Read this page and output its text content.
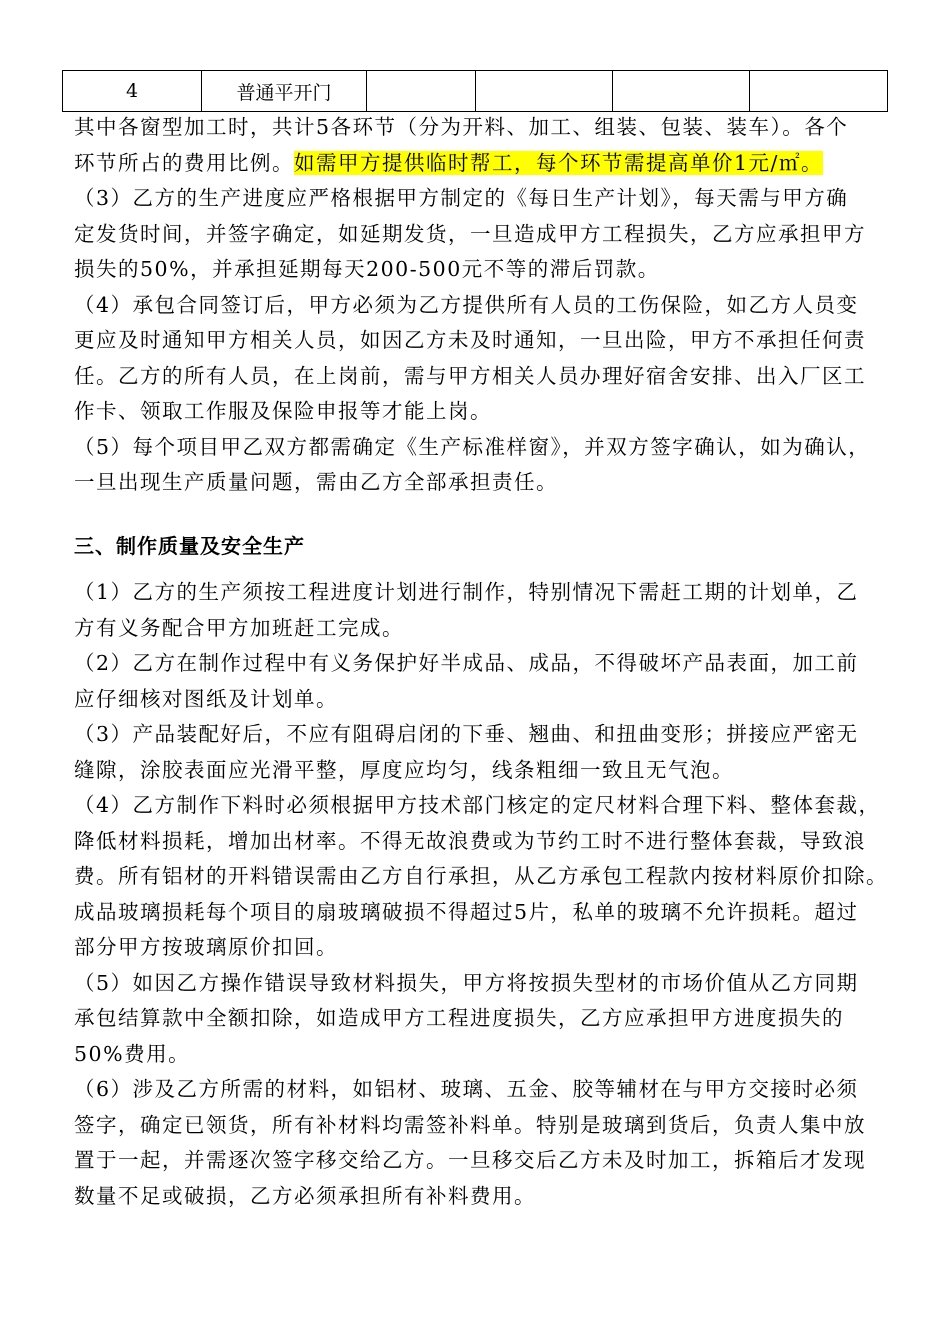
4	普通平开门				
其中各窗型加工时，共计5各环节（分为开料、加工、组装、包装、装车）。各个
环节所占的费用比例。如需甲方提供临时帮工，每个环节需提高单价1元/㎡。
（3）乙方的生产进度应严格根据甲方制定的《每日生产计划》，每天需与甲方确
定发货时间，并签字确定，如延期发货，一旦造成甲方工程损失，乙方应承担甲方
损失的50%，并承担延期每天200-500元不等的滞后罚款。
（4）承包合同签订后，甲方必须为乙方提供所有人员的工伤保险，如乙方人员变
更应及时通知甲方相关人员，如因乙方未及时通知，一旦出险，甲方不承担任何责
任。乙方的所有人员，在上岗前，需与甲方相关人员办理好宿舍安排、出入厂区工
作卡、领取工作服及保险申报等才能上岗。
（5）每个项目甲乙双方都需确定《生产标准样窗》，并双方签字确认，如为确认，
一旦出现生产质量问题，需由乙方全部承担责任。
三、制作质量及安全生产
（1）乙方的生产须按工程进度计划进行制作，特别情况下需赶工期的计划单，乙
方有义务配合甲方加班赶工完成。
（2）乙方在制作过程中有义务保护好半成品、成品，不得破坏产品表面，加工前
应仔细核对图纸及计划单。
（3）产品装配好后，不应有阻碍启闭的下垂、翘曲、和扭曲变形；拼接应严密无
缝隙，涂胶表面应光滑平整，厚度应均匀，线条粗细一致且无气泡。
（4）乙方制作下料时必须根据甲方技术部门核定的定尺材料合理下料、整体套裁，
降低材料损耗，增加出材率。不得无故浪费或为节约工时不进行整体套裁，导致浪
费。所有铝材的开料错误需由乙方自行承担，从乙方承包工程款内按材料原价扣除。
成品玻璃损耗每个项目的扇玻璃破损不得超过5片，私单的玻璃不允许损耗。超过
部分甲方按玻璃原价扣回。
（5）如因乙方操作错误导致材料损失，甲方将按损失型材的市场价值从乙方同期
承包结算款中全额扣除，如造成甲方工程进度损失，乙方应承担甲方进度损失的
50%费用。
（6）涉及乙方所需的材料，如铝材、玻璃、五金、胶等辅材在与甲方交接时必须
签字，确定已领货，所有补材料均需签补料单。特别是玻璃到货后，负责人集中放
置于一起，并需逐次签字移交给乙方。一旦移交后乙方未及时加工，拆箱后才发现
数量不足或破损，乙方必须承担所有补料费用。
